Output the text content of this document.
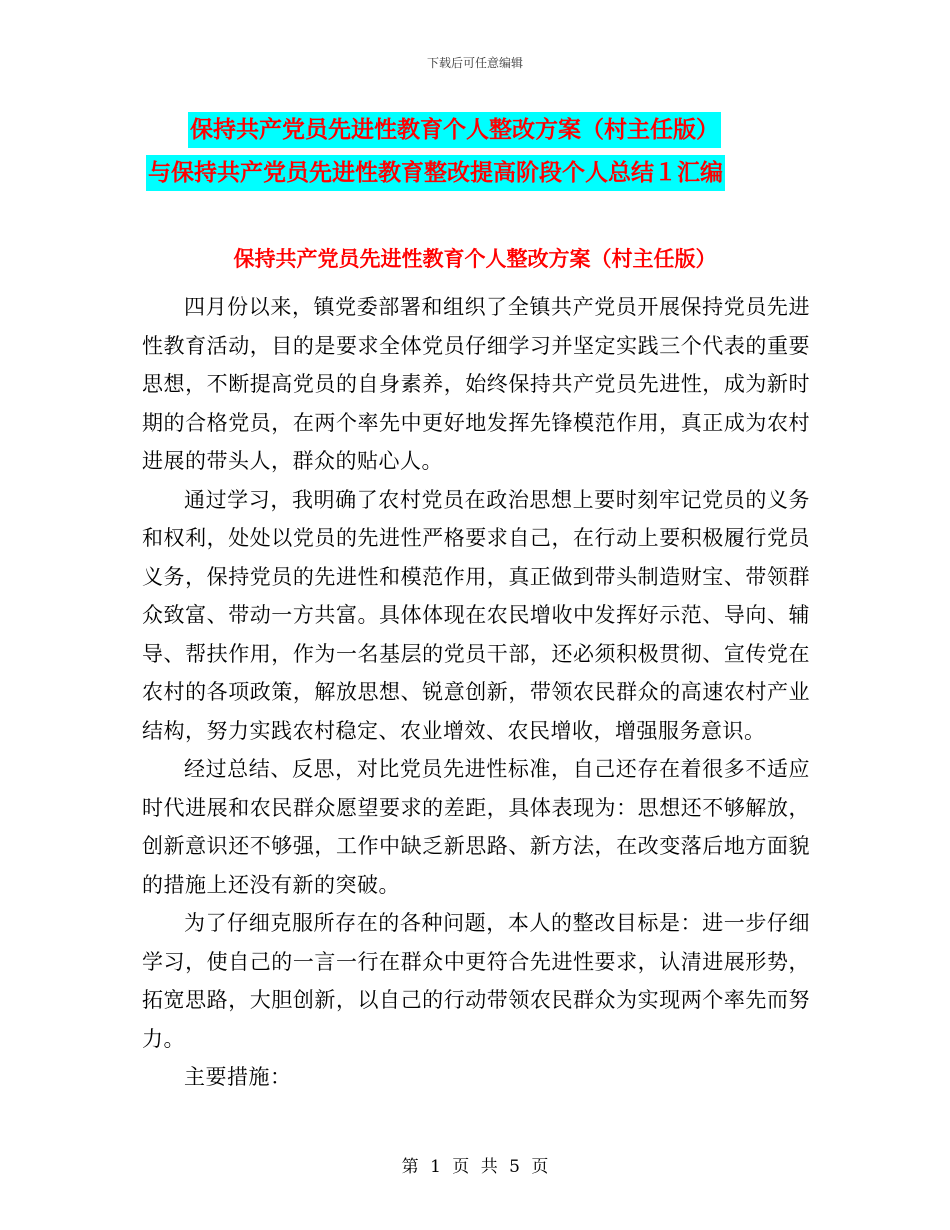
下载后可任意编辑
保持共产党员先进性教育个人整改方案（村主任版）
与保持共产党员先进性教育整改提高阶段个人总结１汇编
保持共产党员先进性教育个人整改方案（村主任版）

四月份以来，镇党委部署和组织了全镇共产党员开展保持党员先进性教育活动，目的是要求全体党员仔细学习并坚定实践三个代表的重要思想，不断提高党员的自身素养，始终保持共产党员先进性，成为新时期的合格党员，在两个率先中更好地发挥先锋模范作用，真正成为农村进展的带头人，群众的贴心人。

通过学习，我明确了农村党员在政治思想上要时刻牢记党员的义务和权利，处处以党员的先进性严格要求自己，在行动上要积极履行党员义务，保持党员的先进性和模范作用，真正做到带头制造财宝、带领群众致富、带动一方共富。具体体现在农民增收中发挥好示范、导向、辅导、帮扶作用，作为一名基层的党员干部，还必须积极贯彻、宣传党在农村的各项政策，解放思想、锐意创新，带领农民群众的高速农村产业结构，努力实践农村稳定、农业增效、农民增收，增强服务意识。

经过总结、反思，对比党员先进性标准，自己还存在着很多不适应时代进展和农民群众愿望要求的差距，具体表现为：思想还不够解放，创新意识还不够强，工作中缺乏新思路、新方法，在改变落后地方面貌的措施上还没有新的突破。

为了仔细克服所存在的各种问题，本人的整改目标是：进一步仔细学习，使自己的一言一行在群众中更符合先进性要求，认清进展形势，拓宽思路，大胆创新，以自己的行动带领农民群众为实现两个率先而努力。

主要措施：

第 1 页 共 5 页
